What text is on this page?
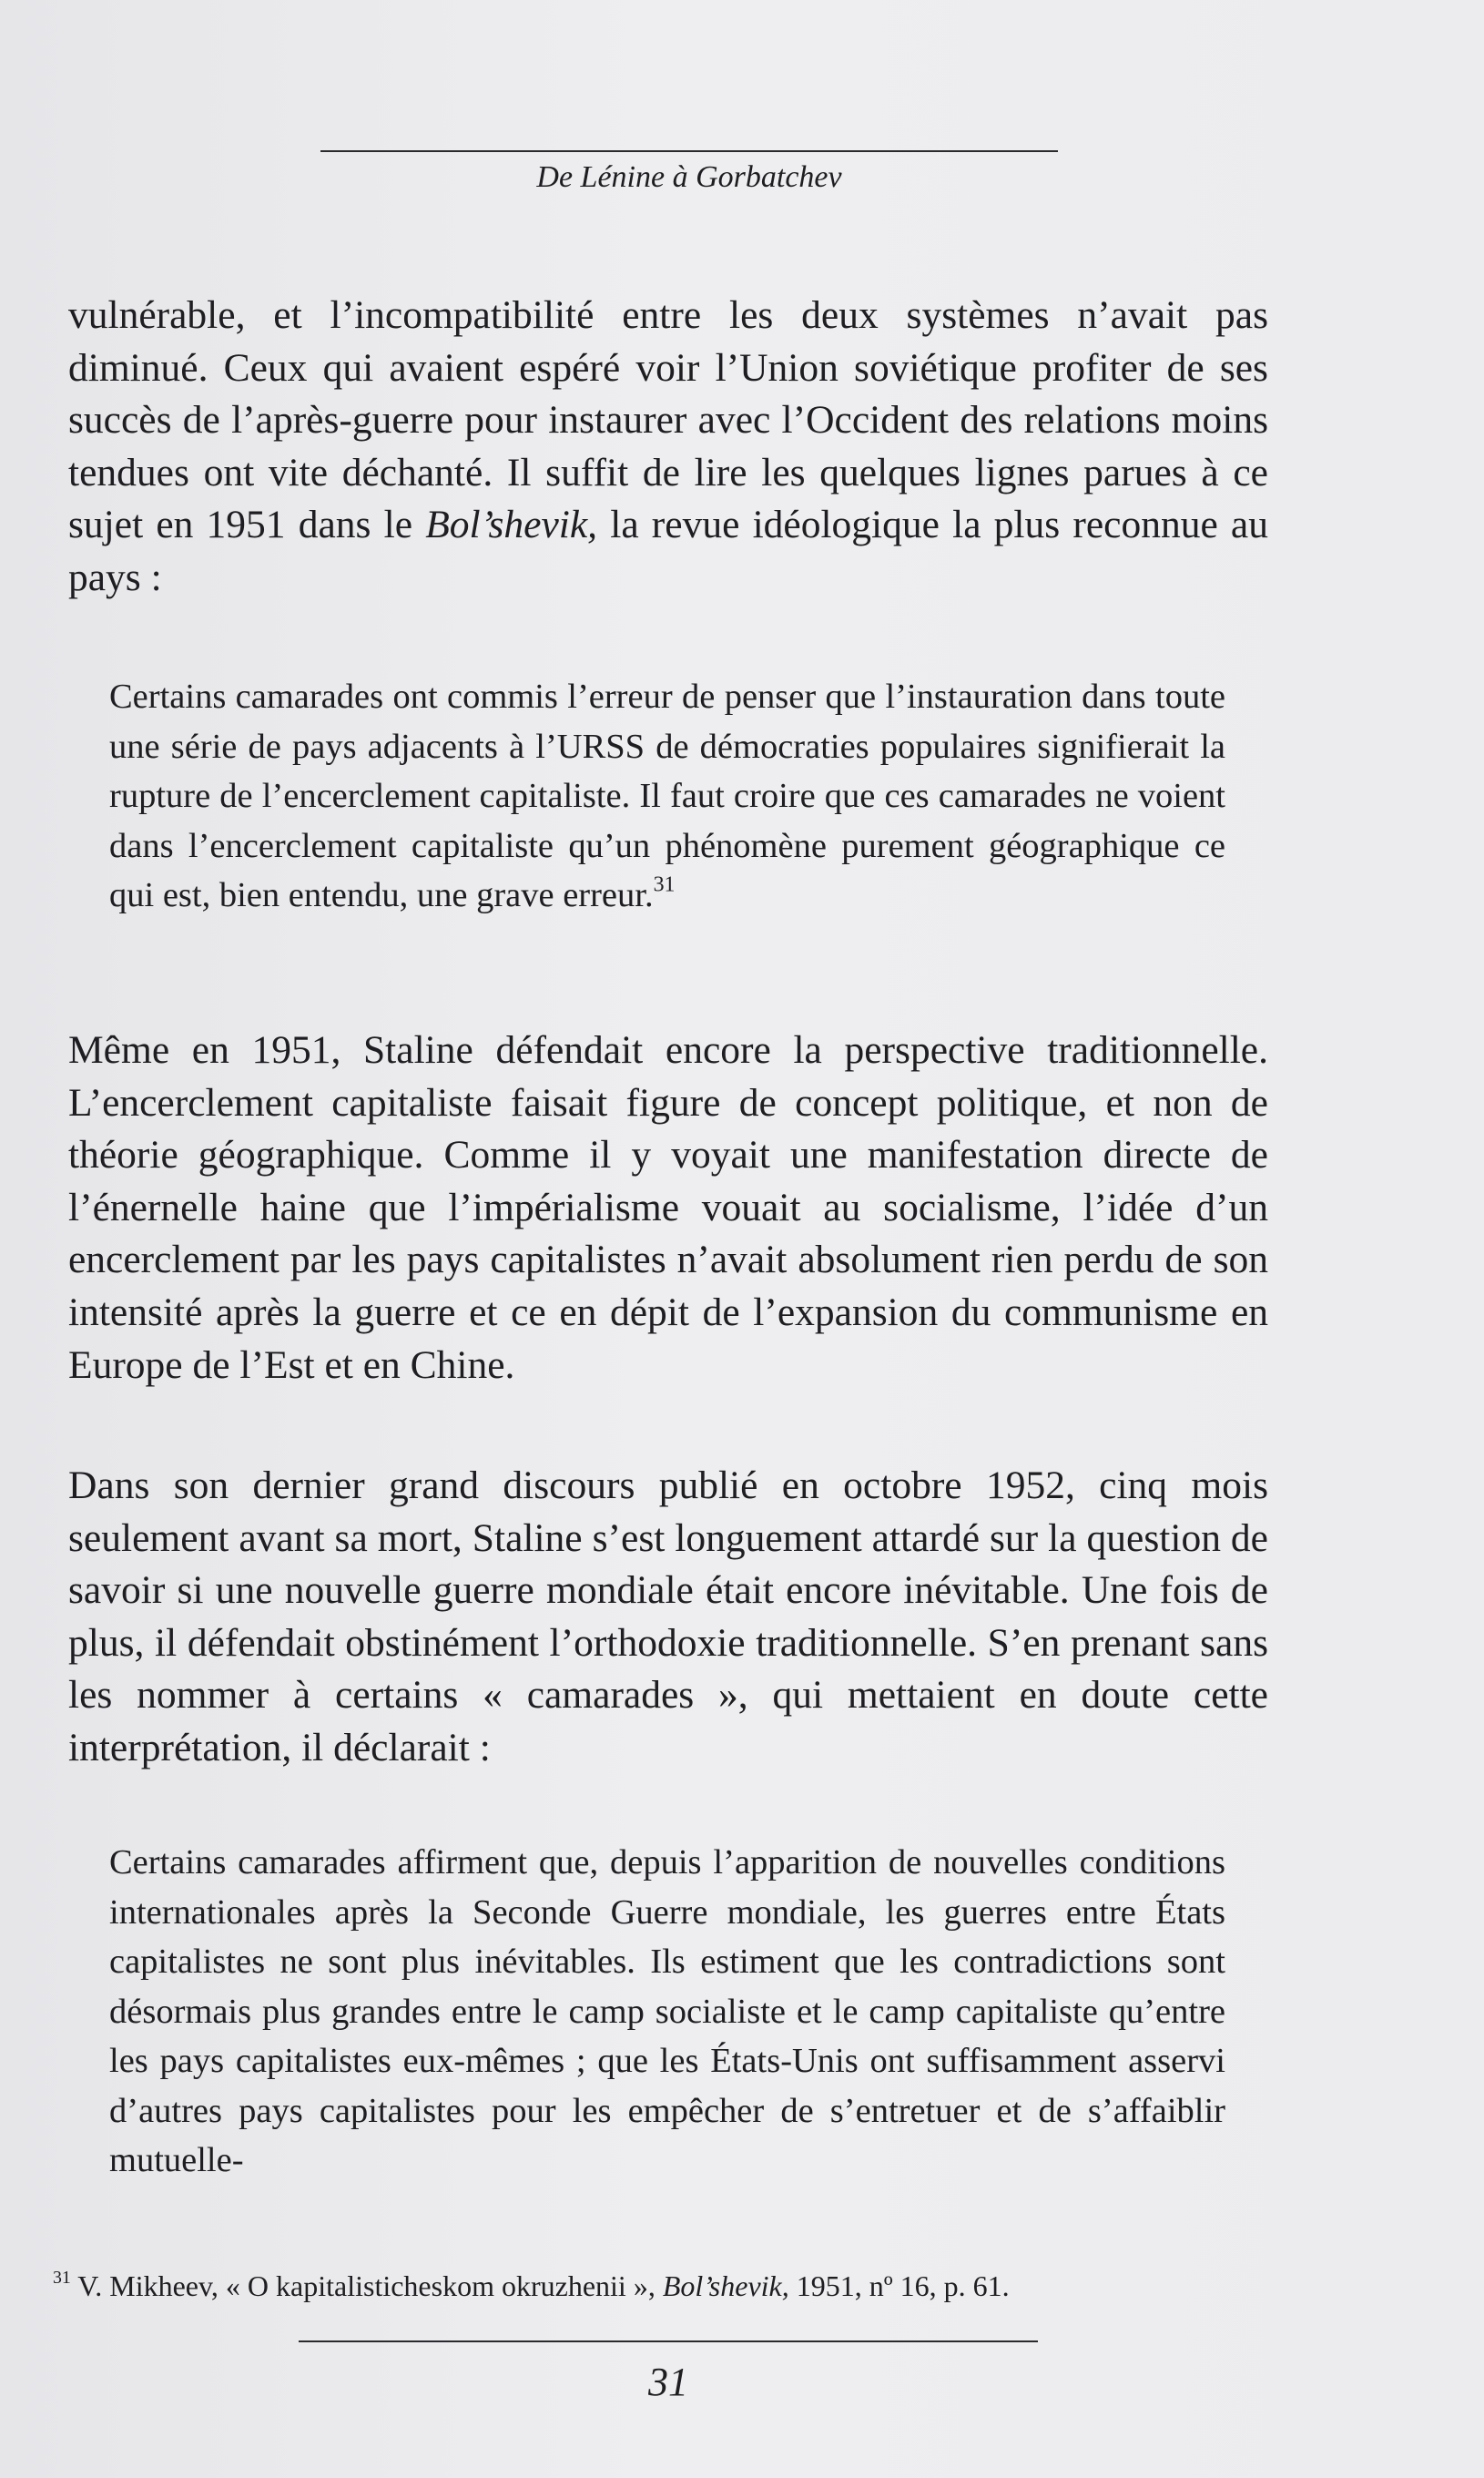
De Lénine à Gorbatchev

vulnérable, et l’incompatibilité entre les deux systèmes n’avait pas diminué. Ceux qui avaient espéré voir l’Union soviétique profiter de ses succès de l’après-guerre pour instaurer avec l’Occident des relations moins tendues ont vite déchanté. Il suffit de lire les quelques lignes parues à ce sujet en 1951 dans le Bol’shevik, la revue idéologique la plus reconnue au pays :

Certains camarades ont commis l’erreur de penser que l’instauration dans toute une série de pays adjacents à l’URSS de démocraties populaires signifierait la rupture de l’encerclement capitaliste. Il faut croire que ces camarades ne voient dans l’encerclement capitaliste qu’un phénomène purement géographique ce qui est, bien entendu, une grave erreur.$^{31}$

Même en 1951, Staline défendait encore la perspective traditionnelle. L’encerclement capitaliste faisait figure de concept politique, et non de théorie géographique. Comme il y voyait une manifestation directe de l’énernelle haine que l’impérialisme vouait au socialisme, l’idée d’un encerclement par les pays capitalistes n’avait absolument rien perdu de son intensité après la guerre et ce en dépit de l’expansion du communisme en Europe de l’Est et en Chine.

Dans son dernier grand discours publié en octobre 1952, cinq mois seulement avant sa mort, Staline s’est longuement attardé sur la question de savoir si une nouvelle guerre mondiale était encore inévitable. Une fois de plus, il défendait obstinément l’orthodoxie traditionnelle. S’en prenant sans les nommer à certains « camarades », qui mettaient en doute cette interprétation, il déclarait :

Certains camarades affirment que, depuis l’apparition de nouvelles conditions internationales après la Seconde Guerre mondiale, les guerres entre États capitalistes ne sont plus inévitables. Ils estiment que les contradictions sont désormais plus grandes entre le camp socialiste et le camp capitaliste qu’entre les pays capitalistes eux-mêmes ; que les États-Unis ont suffisamment asservi d’autres pays capitalistes pour les empêcher de s’entretuer et de s’affaiblir mutuelle-

$^{31}$ V. Mikheev, « O kapitalisticheskom okruzhenii », Bol’shevik, 1951, nº 16, p. 61.
31
